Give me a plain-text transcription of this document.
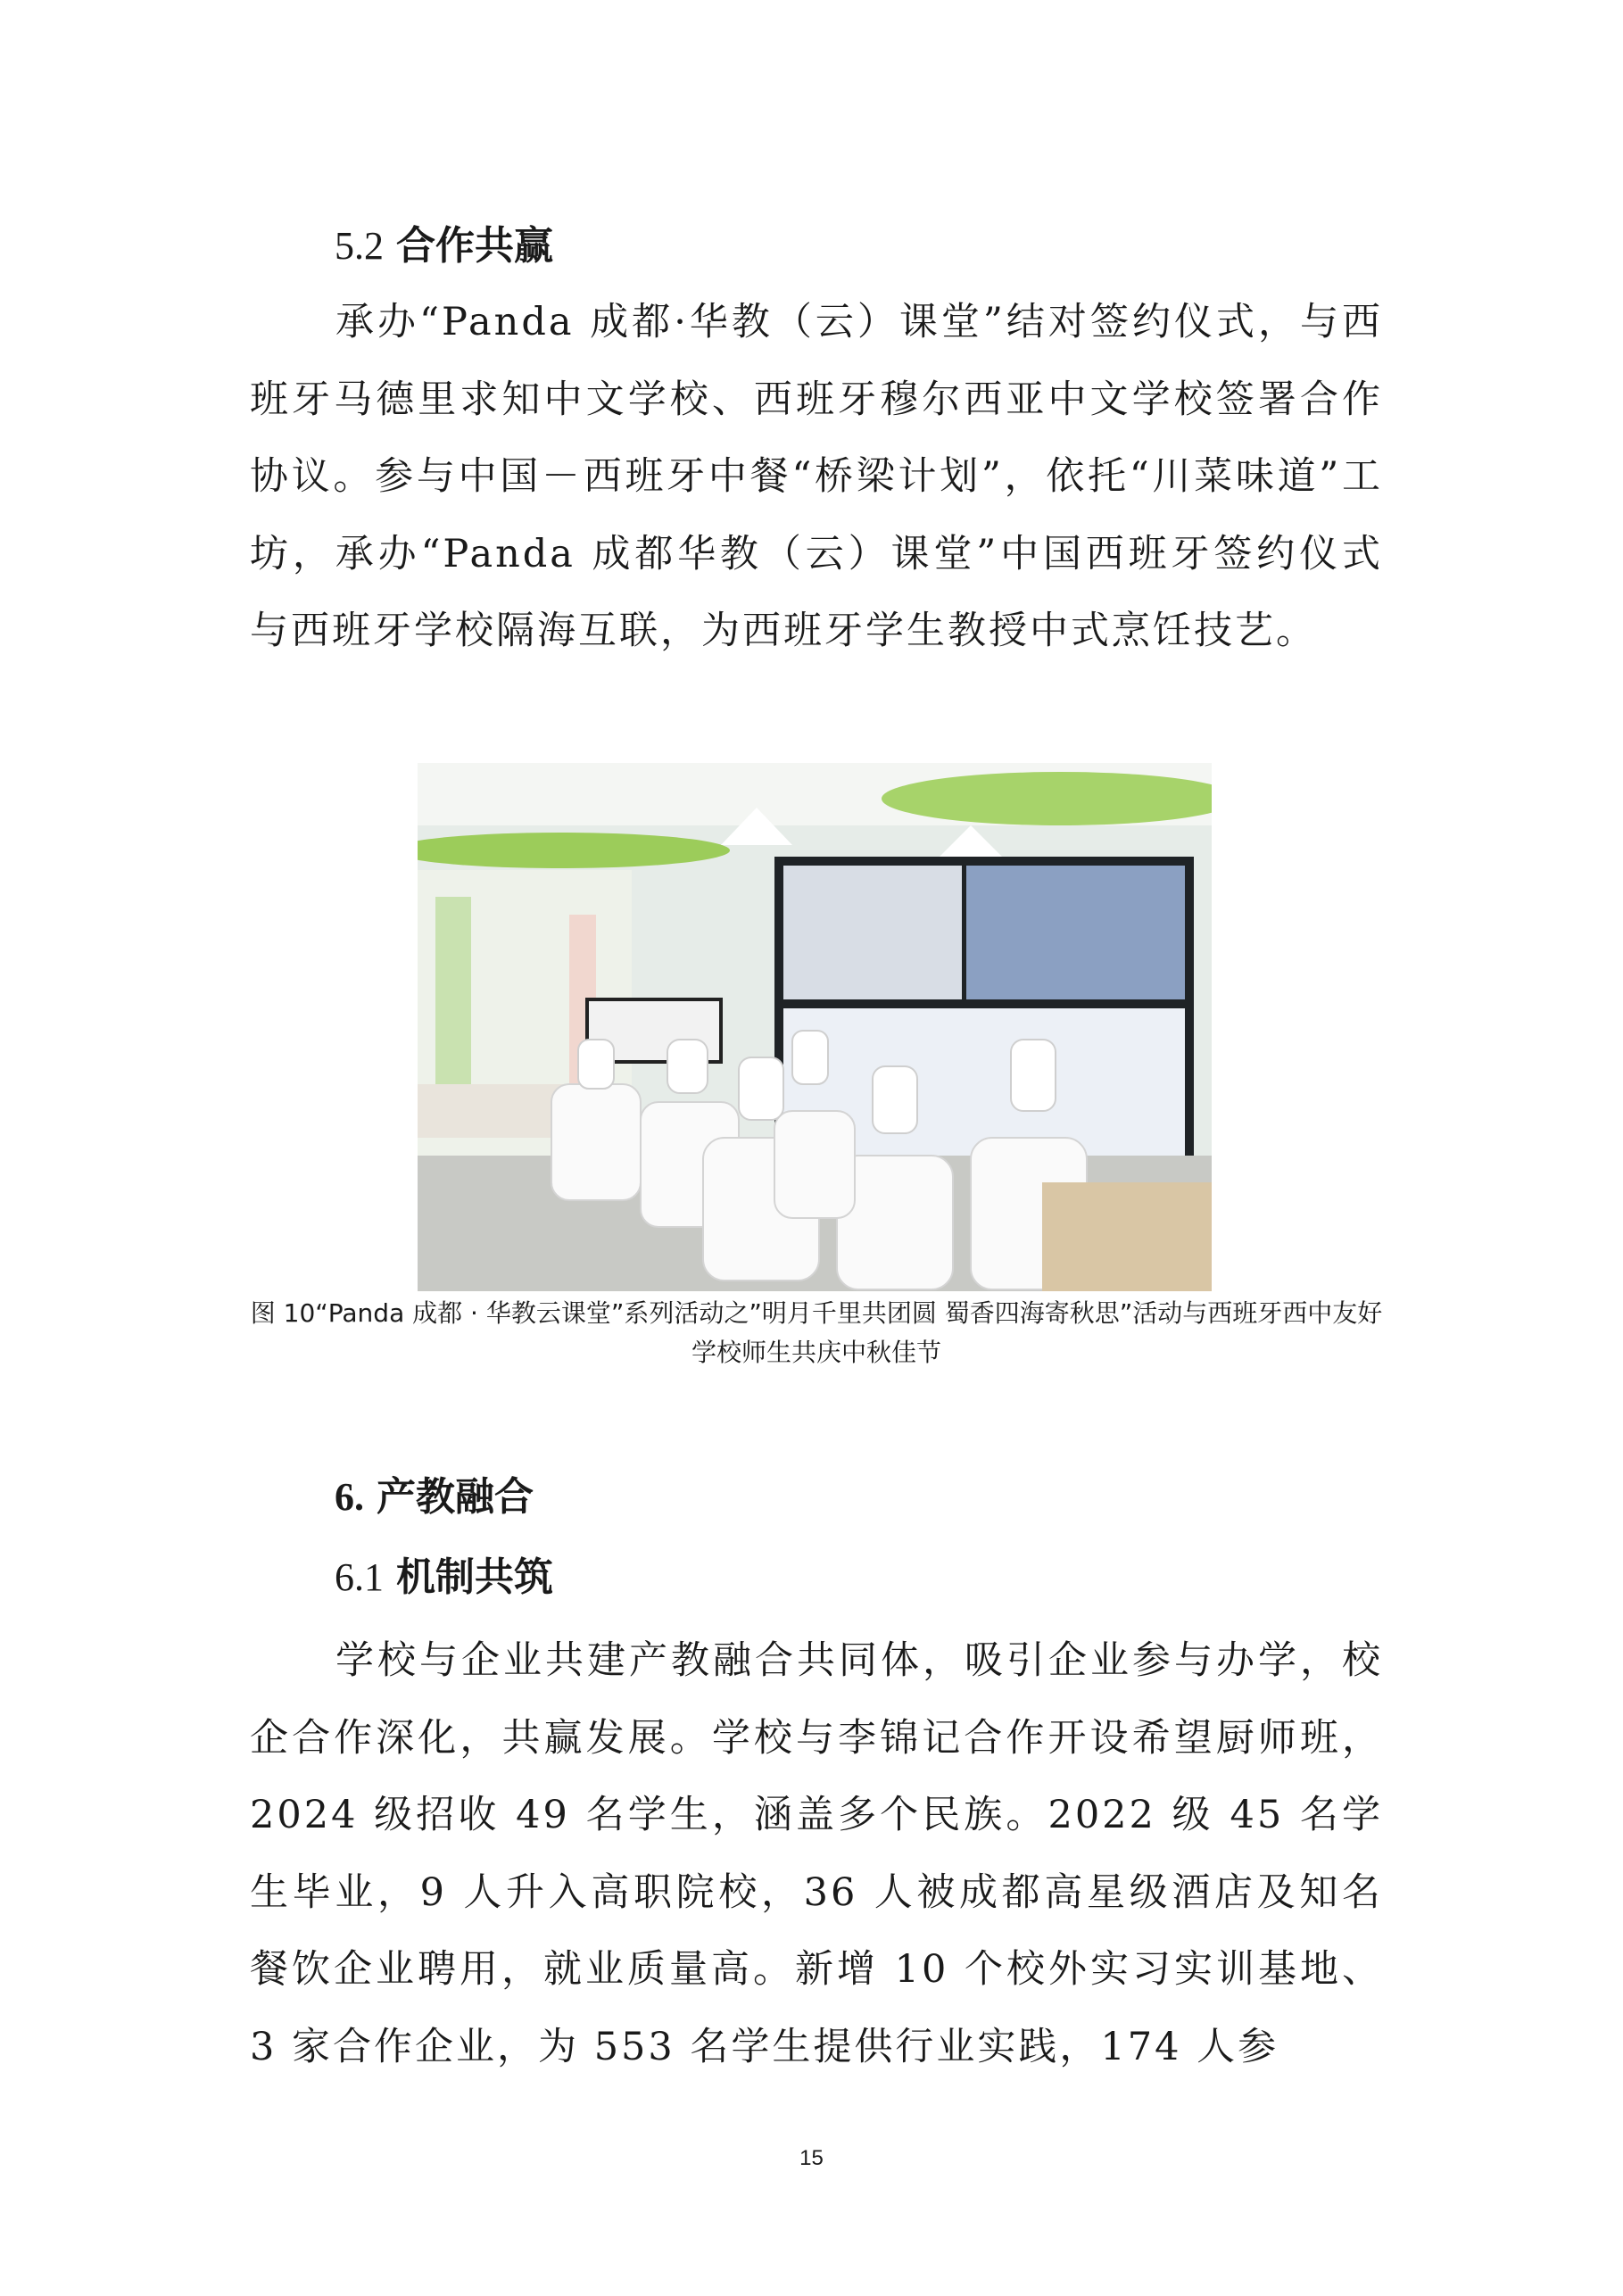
5.2 合作共赢

承办“Panda 成都·华教（云）课堂”结对签约仪式，与西班牙马德里求知中文学校、西班牙穆尔西亚中文学校签署合作协议。参与中国－西班牙中餐“桥梁计划”，依托“川菜味道”工坊，承办“Panda 成都华教（云）课堂”中国西班牙签约仪式与西班牙学校隔海互联，为西班牙学生教授中式烹饪技艺。

图 10“Panda 成都 · 华教云课堂”系列活动之”明月千里共团圆 蜀香四海寄秋思”活动与西班牙西中友好学校师生共庆中秋佳节
6. 产教融合
6.1 机制共筑

学校与企业共建产教融合共同体，吸引企业参与办学，校企合作深化，共赢发展。学校与李锦记合作开设希望厨师班，2024 级招收 49 名学生，涵盖多个民族。2022 级 45 名学生毕业，9 人升入高职院校，36 人被成都高星级酒店及知名餐饮企业聘用，就业质量高。新增 10 个校外实习实训基地、3 家合作企业，为 553 名学生提供行业实践，174 人参

15
